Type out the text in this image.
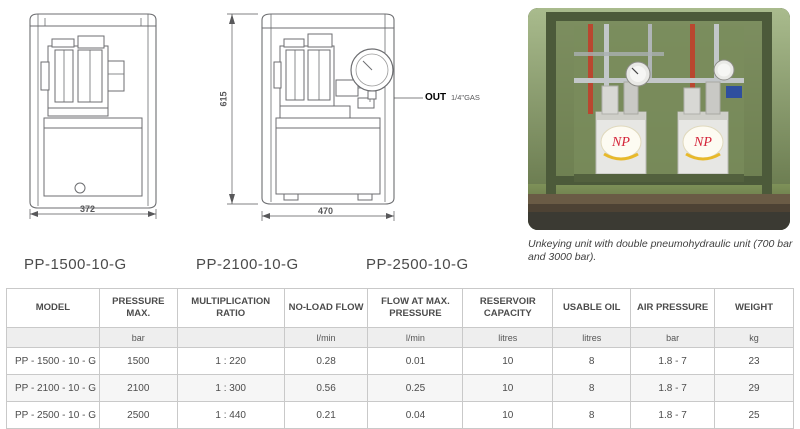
372
615
470
OUT 1/4"GAS
PP-1500-10-G	PP-2100-10-G	PP-2500-10-G
NP	NP
Unkeying unit with double pneumohydraulic unit (700 bar and 3000 bar).
MODEL	PRESSURE MAX.	MULTIPLICATION RATIO	NO-LOAD FLOW	FLOW AT MAX. PRESSURE	RESERVOIR CAPACITY	USABLE OIL	AIR PRESSURE	WEIGHT
	bar		l/min	l/min	litres	litres	bar	kg
PP - 1500 - 10 - G	1500	1 : 220	0.28	0.01	10	8	1.8 - 7	23
PP - 2100 - 10 - G	2100	1 : 300	0.56	0.25	10	8	1.8 - 7	29
PP - 2500 - 10 - G	2500	1 : 440	0.21	0.04	10	8	1.8 - 7	25
